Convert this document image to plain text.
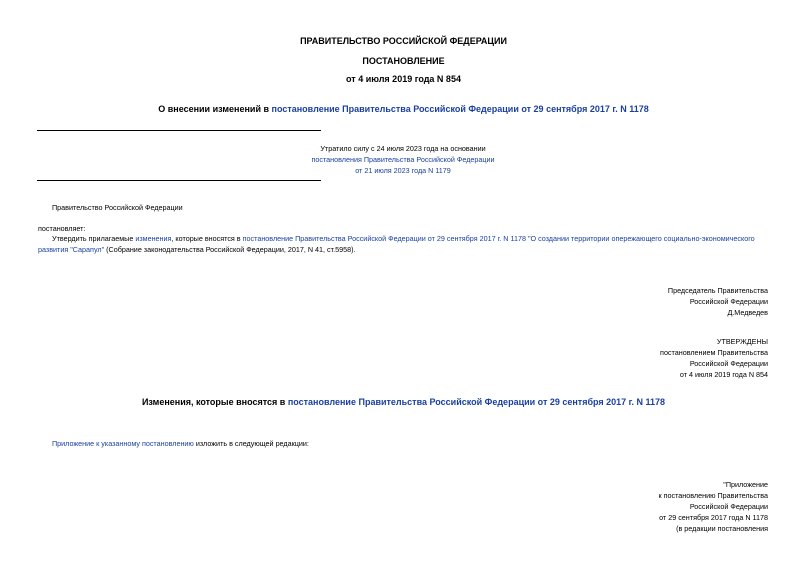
ПРАВИТЕЛЬСТВО РОССИЙСКОЙ ФЕДЕРАЦИИ
ПОСТАНОВЛЕНИЕ
от 4 июля 2019 года N 854
О внесении изменений в постановление Правительства Российской Федерации от 29 сентября 2017 г. N 1178
Утратило силу с 24 июля 2023 года на основании
постановления Правительства Российской Федерации
от 21 июля 2023 года N 1179
Правительство Российской Федерации
постановляет:
Утвердить прилагаемые изменения, которые вносятся в постановление Правительства Российской Федерации от 29 сентября 2017 г. N 1178 "О создании территории опережающего социально-экономического
развития "Сарапул" (Собрание законодательства Российской Федерации, 2017, N 41, ст.5958).
Председатель Правительства
Российской Федерации
Д.Медведев
УТВЕРЖДЕНЫ
постановлением Правительства
Российской Федерации
от 4 июля 2019 года N 854
Изменения, которые вносятся в постановление Правительства Российской Федерации от 29 сентября 2017 г. N 1178
Приложение к указанному постановлению изложить в следующей редакции:
"Приложение
к постановлению Правительства
Российской Федерации
от 29 сентября 2017 года N 1178
(в редакции постановления
